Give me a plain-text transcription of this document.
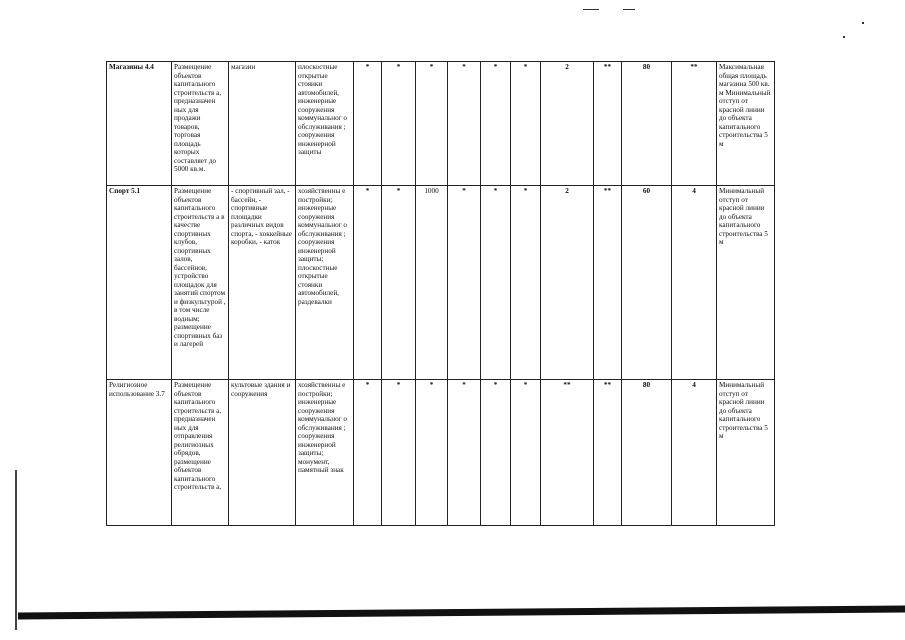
Магазины 4.4	Размещение объектов капитального строительств а, предназначен ных для продажи товаров, торговая площадь которых составляет до 5000 кв.м.	магазин	плоскостные открытые стоянки автомобилей, инженерные сооружения коммунальног о обслуживания ; сооружения инженерной защиты	*	*	*	*	*	*	2	**	80	**	Максимальная общая площадь магазина 500 кв. м Минимальный отступ от красной линии до объекта капитального строительства 5 м
Спорт 5.1	Размещение объектов капитального строительств а в качестве спортивных клубов, спортивных залов, бассейнов, устройство площадок для занятий спортом и физкультурой , в том числе водным; размещение спортивных баз и лагерей	- спортивный зал, - бассейн, - спортивные площадки различных видов спорта, - хоккейные коробки, - каток	хозяйственны е постройки; инженерные сооружения коммунальног о обслуживания ; сооружения инженерной защиты; плоскостные открытые стоянки автомобилей, раздевалки	*	*	1000	*	*	*	2	**	60	4	Минимальный отступ от красной линии до объекта капитального строительства 5 м
Религиозное использование 3.7	Размещение объектов капитального строительств а, предназначен ных для отправления религиозных обрядов, размещение объектов капитального строительств а,	культовые здания и сооружения	хозяйственны е постройки; инженерные сооружения коммунальног о обслуживания ; сооружения инженерной защиты; монумент, памятный знак	*	*	*	*	*	*	**	**	80	4	Минимальный отступ от красной линии до объекта капитального строительства 5 м
